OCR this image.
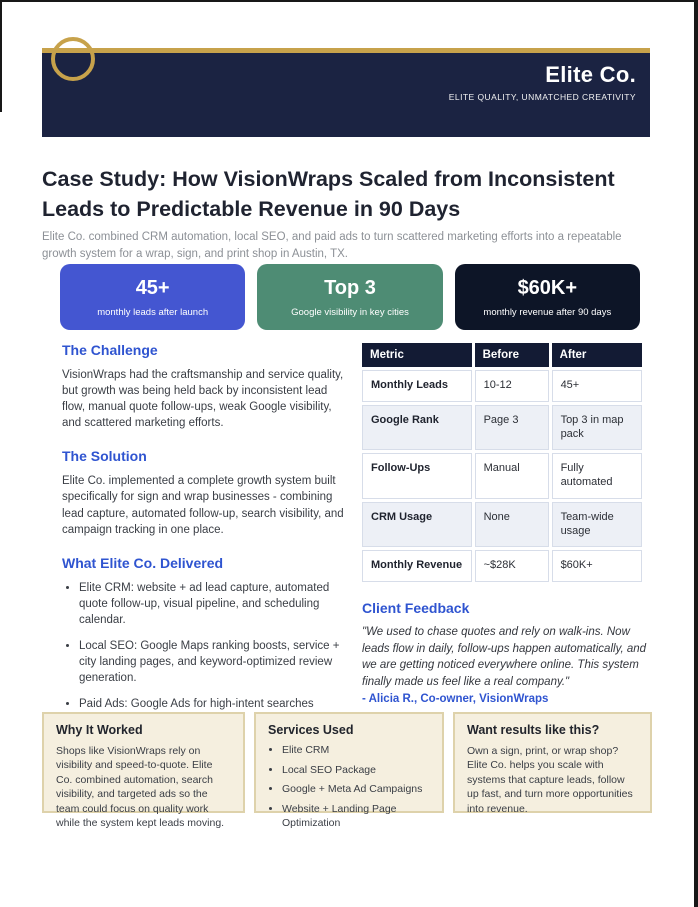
Elite Co.
ELITE QUALITY, UNMATCHED CREATIVITY
Case Study: How VisionWraps Scaled from Inconsistent Leads to Predictable Revenue in 90 Days
Elite Co. combined CRM automation, local SEO, and paid ads to turn scattered marketing efforts into a repeatable growth system for a wrap, sign, and print shop in Austin, TX.
45+
monthly leads after launch
Top 3
Google visibility in key cities
$60K+
monthly revenue after 90 days
The Challenge

VisionWraps had the craftsmanship and service quality, but growth was being held back by inconsistent lead flow, manual quote follow-ups, weak Google visibility, and scattered marketing efforts.

The Solution

Elite Co. implemented a complete growth system built specifically for sign and wrap businesses - combining lead capture, automated follow-up, search visibility, and campaign tracking in one place.

What Elite Co. Delivered
• Elite CRM: website + ad lead capture, automated quote follow-up, visual pipeline, and scheduling calendar.
• Local SEO: Google Maps ranking boosts, service + city landing pages, and keyword-optimized review generation.
• Paid Ads: Google Ads for high-intent searches
Metric	Before	After
Monthly Leads	10-12	45+
Google Rank	Page 3	Top 3 in map pack
Follow-Ups	Manual	Fully automated
CRM Usage	None	Team-wide usage
Monthly Revenue	~$28K	$60K+
Client Feedback

"We used to chase quotes and rely on walk-ins. Now leads flow in daily, follow-ups happen automatically, and we are getting noticed everywhere online. This system finally made us feel like a real company."

- Alicia R., Co-owner, VisionWraps
Why It Worked

Shops like VisionWraps rely on visibility and speed-to-quote. Elite Co. combined automation, search visibility, and targeted ads so the team could focus on quality work while the system kept leads moving.

Services Used
• Elite CRM
• Local SEO Package
• Google + Meta Ad Campaigns
• Website + Landing Page Optimization
Want results like this?

Own a sign, print, or wrap shop? Elite Co. helps you scale with systems that capture leads, follow up fast, and turn more opportunities into revenue.
